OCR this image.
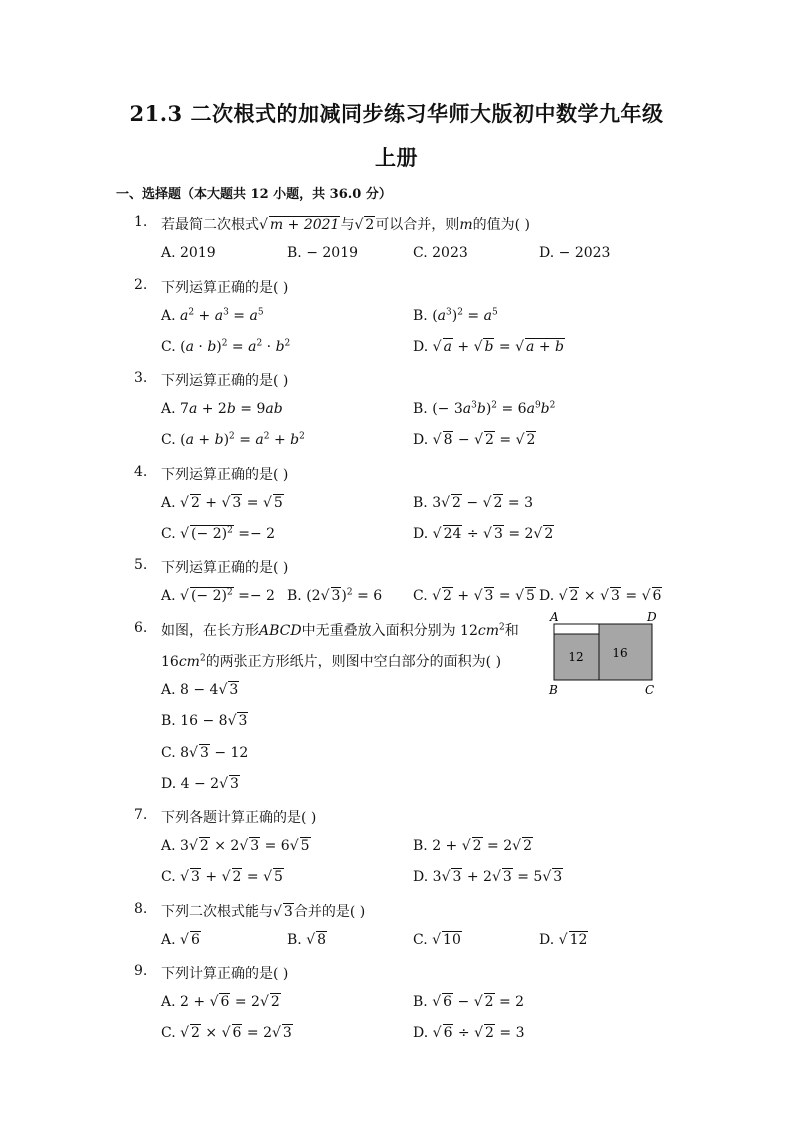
21.3 二次根式的加减同步练习华师大版初中数学九年级
上册
一、选择题（本大题共 12 小题，共 36.0 分）
1. 若最简二次根式√ m + 2021与√ 2可以合并，则m的值为( )
A. 2019	B. − 2019	C. 2023	D. − 2023
2. 下列运算正确的是( )
A. $a^2 + a^3 = a^5$	B. $(a^3)^2 = a^5$
C. $(a \cdot b)^2 = a^2 \cdot b^2$	D. √ a + √ b = √ a + b
3. 下列运算正确的是( )
A. 7a + 2b = 9ab	B. (− $3a^3b)^2 = 6a^9b^2$
C. $(a + b)^2 = a^2 + b^2$	D. √ 8 − √ 2 = √ 2
4. 下列运算正确的是( )
A. √ 2 + √ 3 = √ 5	B. 3√ 2 − √ 2 = 3
C. √ (− 2)$^2$ =− 2	D. √ 24 ÷ √ 3 = 2√ 2
5. 下列运算正确的是( )
A. √ (− 2)$^2$ =− 2 B. (2√ 3)$^2$ = 6 C. √ 2 + √ 3 = √ 5 D. √ 2 × √ 3 = √ 6
6. 如图，在长方形ABCD中无重叠放入面积分别为 $12cm^2$和
$16cm^2$的两张正方形纸片，则图中空白部分的面积为( )
A. 8 − 4√ 3
B. 16 − 8√ 3
C. 8√ 3 − 12
D. 4 − 2√ 3
12 16
A	D
B	C
7. 下列各题计算正确的是( )
A. 3√ 2 × 2√ 3 = 6√ 5	B. 2 + √ 2 = 2√ 2
C. √ 3 + √ 2 = √ 5	D. 3√ 3 + 2√ 3 = 5√ 3
8. 下列二次根式能与√ 3合并的是( )
A. √ 6	B. √ 8	C. √ 10	D. √ 12
9. 下列计算正确的是( )
A. 2 + √ 6 = 2√ 2	B. √ 6 − √ 2 = 2
C. √ 2 × √ 6 = 2√ 3	D. √ 6 ÷ √ 2 = 3
